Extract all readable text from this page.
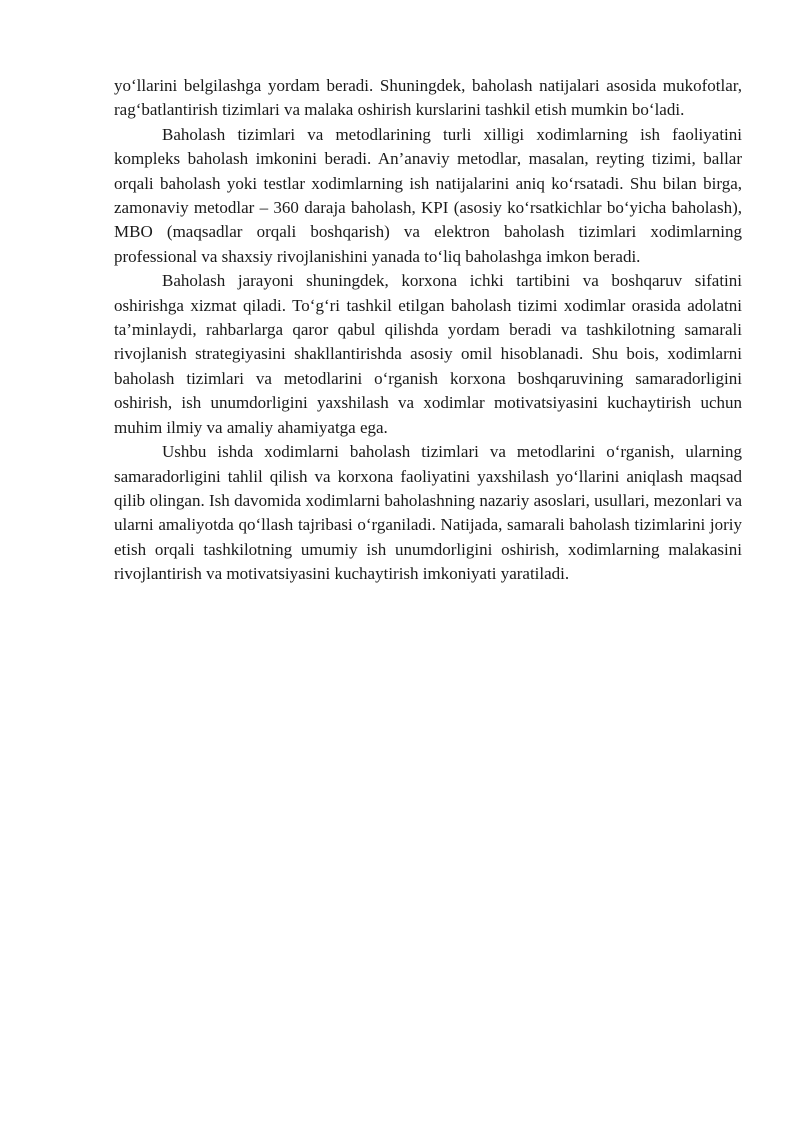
yo‘llarini belgilashga yordam beradi. Shuningdek, baholash natijalari asosida mukofotlar, rag‘batlantirish tizimlari va malaka oshirish kurslarini tashkil etish mumkin bo‘ladi.

Baholash tizimlari va metodlarining turli xilligi xodimlarning ish faoliyatini kompleks baholash imkonini beradi. An’anaviy metodlar, masalan, reyting tizimi, ballar orqali baholash yoki testlar xodimlarning ish natijalarini aniq ko‘rsatadi. Shu bilan birga, zamonaviy metodlar – 360 daraja baholash, KPI (asosiy ko‘rsatkichlar bo‘yicha baholash), MBO (maqsadlar orqali boshqarish) va elektron baholash tizimlari xodimlarning professional va shaxsiy rivojlanishini yanada to‘liq baholashga imkon beradi.

Baholash jarayoni shuningdek, korxona ichki tartibini va boshqaruv sifatini oshirishga xizmat qiladi. To‘g‘ri tashkil etilgan baholash tizimi xodimlar orasida adolatni ta’minlaydi, rahbarlarga qaror qabul qilishda yordam beradi va tashkilotning samarali rivojlanish strategiyasini shakllantirishda asosiy omil hisoblanadi. Shu bois, xodimlarni baholash tizimlari va metodlarini o‘rganish korxona boshqaruvining samaradorligini oshirish, ish unumdorligini yaxshilash va xodimlar motivatsiyasini kuchaytirish uchun muhim ilmiy va amaliy ahamiyatga ega.

Ushbu ishda xodimlarni baholash tizimlari va metodlarini o‘rganish, ularning samaradorligini tahlil qilish va korxona faoliyatini yaxshilash yo‘llarini aniqlash maqsad qilib olingan. Ish davomida xodimlarni baholashning nazariy asoslari, usullari, mezonlari va ularni amaliyotda qo‘llash tajribasi o‘rganiladi. Natijada, samarali baholash tizimlarini joriy etish orqali tashkilotning umumiy ish unumdorligini oshirish, xodimlarning malakasini rivojlantirish va motivatsiyasini kuchaytirish imkoniyati yaratiladi.
